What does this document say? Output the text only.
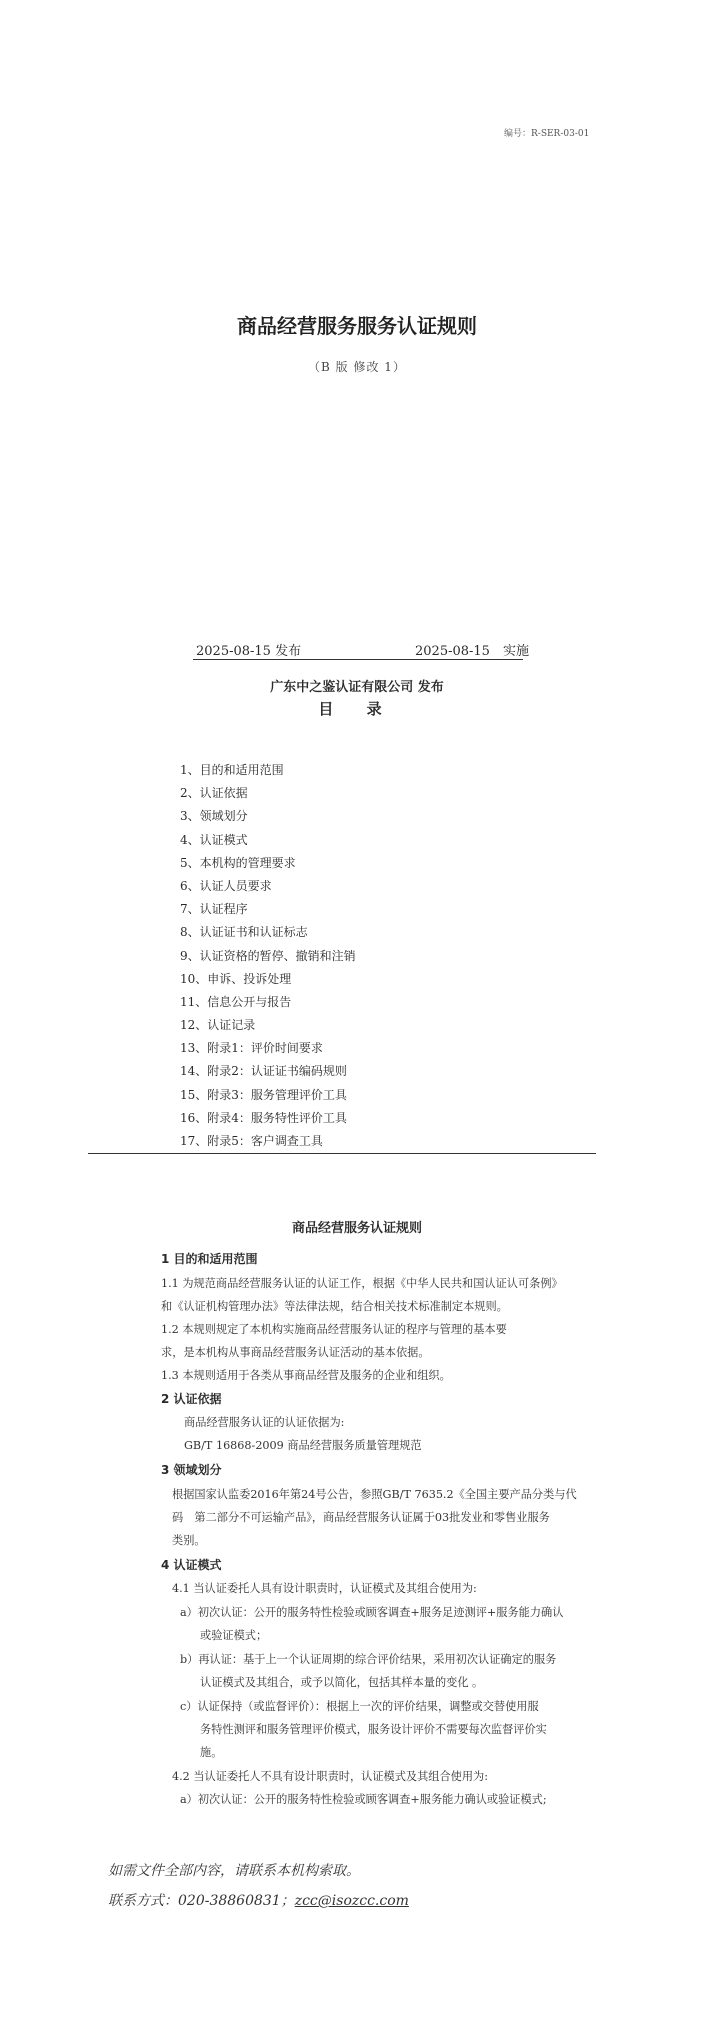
编号：R-SER-03-01
商品经营服务服务认证规则
（B 版 修改 1）
2025-08-15 发布	2025-08-15　实施
广东中之鉴认证有限公司 发布
目 录
1、目的和适用范围
2、认证依据
3、领域划分
4、认证模式
5、本机构的管理要求
6、认证人员要求
7、认证程序
8、认证证书和认证标志
9、认证资格的暂停、撤销和注销
10、申诉、投诉处理
11、信息公开与报告
12、认证记录
13、附录1：评价时间要求
14、附录2：认证证书编码规则
15、附录3：服务管理评价工具
16、附录4：服务特性评价工具
17、附录5：客户调查工具
商品经营服务认证规则
1 目的和适用范围
1.1 为规范商品经营服务认证的认证工作，根据《中华人民共和国认证认可条例》
和《认证机构管理办法》等法律法规，结合相关技术标准制定本规则。
1.2 本规则规定了本机构实施商品经营服务认证的程序与管理的基本要
求，是本机构从事商品经营服务认证活动的基本依据。
1.3 本规则适用于各类从事商品经营及服务的企业和组织。
2 认证依据
商品经营服务认证的认证依据为:
GB/T 16868-2009 商品经营服务质量管理规范
3 领域划分
根据国家认监委2016年第24号公告，参照GB/T 7635.2《全国主要产品分类与代
码　第二部分不可运输产品》，商品经营服务认证属于03批发业和零售业服务
类别。
4 认证模式
4.1 当认证委托人具有设计职责时，认证模式及其组合使用为:
a）初次认证：公开的服务特性检验或顾客调查+服务足迹测评+服务能力确认
或验证模式；
b）再认证：基于上一个认证周期的综合评价结果，采用初次认证确定的服务
认证模式及其组合，或予以简化，包括其样本量的变化 。
c）认证保持（或监督评价）：根据上一次的评价结果，调整或交替使用服
务特性测评和服务管理评价模式，服务设计评价不需要每次监督评价实
施。
4.2 当认证委托人不具有设计职责时，认证模式及其组合使用为:
a）初次认证：公开的服务特性检验或顾客调查+服务能力确认或验证模式;
如需文件全部内容，请联系本机构索取。
联系方式：020-38860831；zcc@isozcc.com
